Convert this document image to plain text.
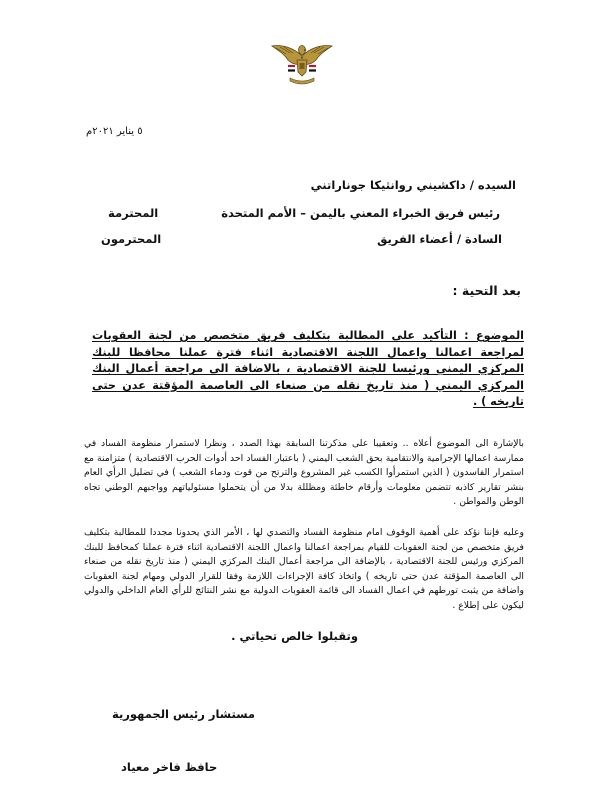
٥ يناير ٢٠٢١م
السيده / داكشيني روانثيكا جوناراتني
رئيس فريق الخبراء المعني باليمن – الأمم المتحدة
المحترمة
السادة / أعضاء الفريق
المحترمون
بعد التحية :
الموضوع : التأكيد على المطالبة بتكليف فريق متخصص من لجنة العقوبات لمراجعة اعمالنا واعمال اللجنة الاقتصادية اثناء فترة عملنا محافظا للبنك المركزي اليمني ورئيسا للجنة الاقتصادية ، بالاضافة الى مراجعة أعمال البنك المركزي اليمني ( منذ تاريخ نقله من صنعاء الى العاصمة المؤقتة عدن حتى تاريخه ) .
بالإشارة الى الموضوع أعلاه .. وتعقيبا على مذكرتنا السابقة بهذا الصدد ، ونظرا لاستمرار منظومة الفساد في ممارسة اعمالها الإجرامية والانتقامية بحق الشعب اليمني ( باعتبار الفساد احد أدوات الحرب الاقتصادية ) متزامنة مع استمرار الفاسدون ( الذين استمرأوا الكسب غير المشروع والترتح من قوت ودماء الشعب ) في تضليل الرأي العام بنشر تقارير كاذبه تتضمن معلومات وأرقام خاطئة ومظللة بدلا من أن يتحملوا مسئولياتهم وواجبهم الوطني تجاه الوطن والمواطن .
وعليه فإننا نؤكد على أهمية الوقوف امام منظومة الفساد والتصدي لها ، الأمر الذي يحدونا مجددا للمطالبة بتكليف فريق متخصص من لجنة العقوبات للقيام بمراجعة اعمالنا واعمال اللجنة الاقتصادية اثناء فترة عملنا كمحافظ للبنك المركزي ورئيس للجنة الاقتصادية ، بالإضافة الى مراجعة أعمال البنك المركزي اليمني ( منذ تاريخ نقله من صنعاء الى العاصمة المؤقتة عدن حتى تاريخه ) واتخاذ كافة الإجراءات اللازمة وفقا للقرار الدولي ومهام لجنة العقوبات واضافة من يثبت تورطهم في اعمال الفساد الى قائمة العقوبات الدولية مع نشر النتائج للرأي العام الداخلي والدولي ليكون على إطلاع .
وتقبلوا خالص تحياتي .
مستشار رئيس الجمهورية
حافظ فاخر معياد
